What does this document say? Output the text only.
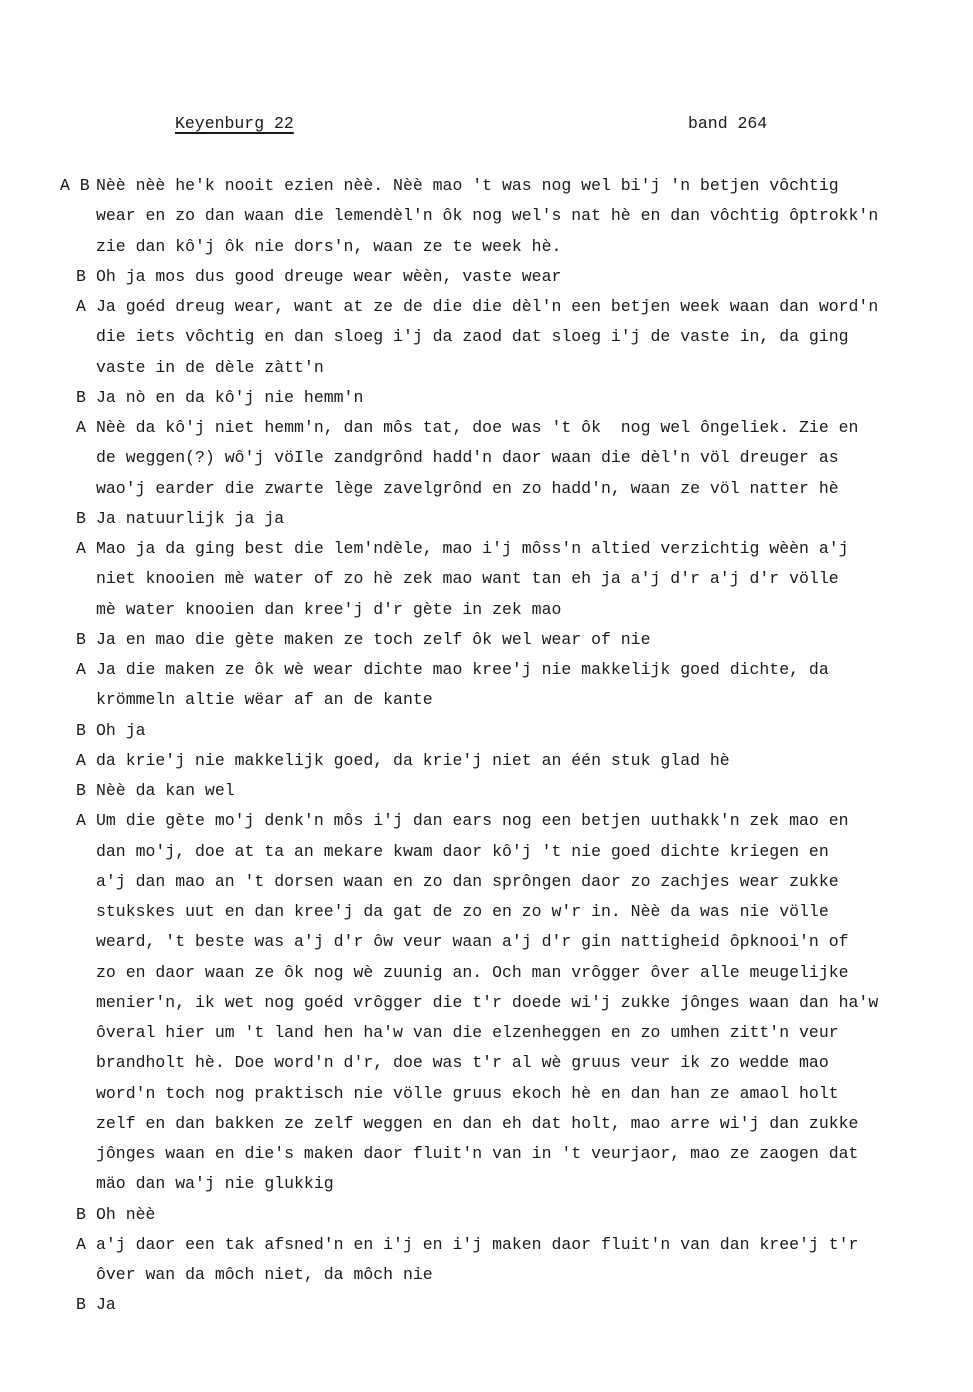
Keyenburg 22	band 264
Nèè nèè he'k nooit ezien nèè. Nèè mao 't was nog wel bi'j 'n betjen vôchtig
A B
wear en zo dan waan die lemendèl'n ôk nog wel's nat hè en dan vôchtig ôptrokk'n
zie dan kô'j ôk nie dors'n, waan ze te week hè.
Oh ja mos dus good dreuge wear wèèn, vaste wear
B
Ja goéd dreug wear, want at ze de die die dèl'n een betjen week waan dan word'n
A
die iets vôchtig en dan sloeg i'j da zaod dat sloeg i'j de vaste in, da ging
vaste in de dèle zàtt'n
Ja nò en da kô'j nie hemm'n
B
Nèè da kô'j niet hemm'n, dan môs tat, doe was 't ôk  nog wel ôngeliek. Zie en
A
de weggen(?) wô'j vöIle zandgrônd hadd'n daor waan die dèl'n völ dreuger as
wao'j earder die zwarte lège zavelgrônd en zo hadd'n, waan ze völ natter hè
Ja natuurlijk ja ja
B
Mao ja da ging best die lem'ndèle, mao i'j môss'n altied verzichtig wèèn a'j
A
niet knooien mè water of zo hè zek mao want tan eh ja a'j d'r a'j d'r völle
mè water knooien dan kree'j d'r gète in zek mao
Ja en mao die gète maken ze toch zelf ôk wel wear of nie
B
Ja die maken ze ôk wè wear dichte mao kree'j nie makkelijk goed dichte, da
A
krömmeln altie wëar af an de kante
Oh ja
B
da krie'j nie makkelijk goed, da krie'j niet an één stuk glad hè
A
Nèè da kan wel
B
Um die gète mo'j denk'n môs i'j dan ears nog een betjen uuthakk'n zek mao en
A
dan mo'j, doe at ta an mekare kwam daor kô'j 't nie goed dichte kriegen en
a'j dan mao an 't dorsen waan en zo dan sprôngen daor zo zachjes wear zukke
stukskes uut en dan kree'j da gat de zo en zo w'r in. Nèè da was nie völle
weard, 't beste was a'j d'r ôw veur waan a'j d'r gin nattigheid ôpknooi'n of
zo en daor waan ze ôk nog wè zuunig an. Och man vrôgger ôver alle meugelijke
menier'n, ik wet nog goéd vrôgger die t'r doede wi'j zukke jônges waan dan ha'w
ôveral hier um 't land hen ha'w van die elzenheggen en zo umhen zitt'n veur
brandholt hè. Doe word'n d'r, doe was t'r al wè gruus veur ik zo wedde mao
word'n toch nog praktisch nie völle gruus ekoch hè en dan han ze amaol holt
zelf en dan bakken ze zelf weggen en dan eh dat holt, mao arre wi'j dan zukke
jônges waan en die's maken daor fluit'n van in 't veurjaor, mao ze zaogen dat
mäo dan wa'j nie glukkig
Oh nèè
B
a'j daor een tak afsned'n en i'j en i'j maken daor fluit'n van dan kree'j t'r
A
ôver wan da môch niet, da môch nie
Ja
B
